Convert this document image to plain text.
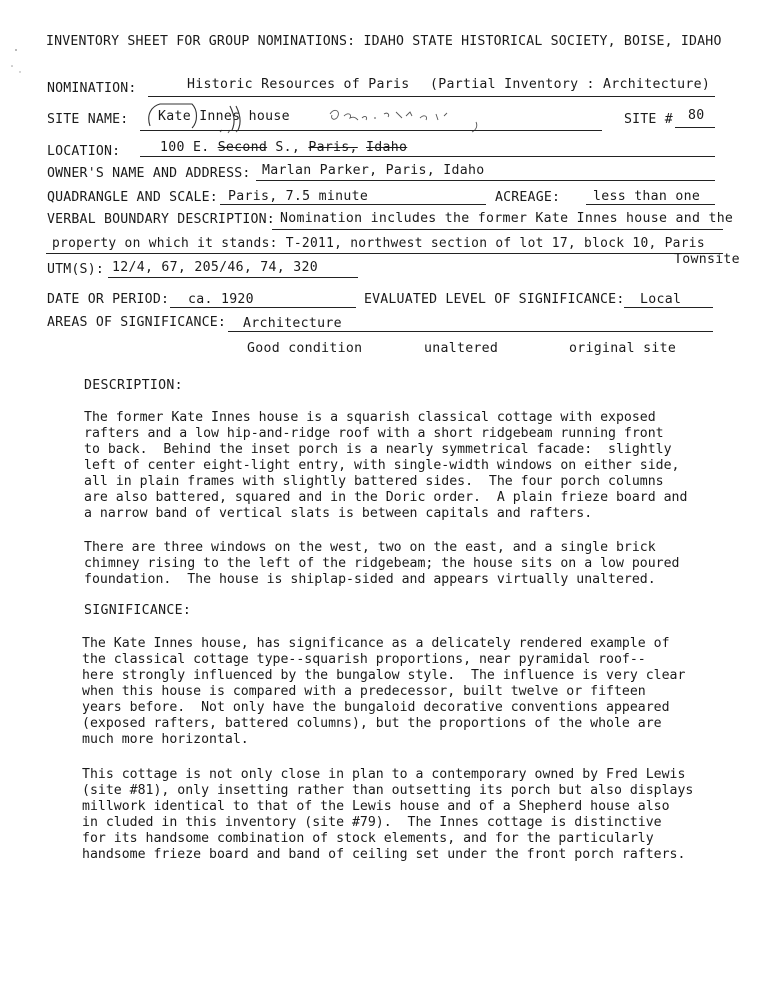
INVENTORY SHEET FOR GROUP NOMINATIONS: IDAHO STATE HISTORICAL SOCIETY, BOISE, IDAHO
NOMINATION:	Historic Resources of Paris (Partial Inventory : Architecture)
SITE NAME: Kate Innes house	SITE # 80
LOCATION:	100 E. Second S., Paris, Idaho
OWNER'S NAME AND ADDRESS: Marlan Parker, Paris, Idaho
QUADRANGLE AND SCALE: Paris, 7.5 minute	ACREAGE: less than one
VERBAL BOUNDARY DESCRIPTION: Nomination includes the former Kate Innes house and the
property on which it stands: T-2011, northwest section of lot 17, block 10, Paris
Townsite
UTM(S): 12/4, 67, 205/46, 74, 320
DATE OR PERIOD: ca. 1920	EVALUATED LEVEL OF SIGNIFICANCE: Local
AREAS OF SIGNIFICANCE: Architecture
Good condition	unaltered	original site
DESCRIPTION:
The former Kate Innes house is a squarish classical cottage with exposed
rafters and a low hip-and-ridge roof with a short ridgebeam running front
to back.  Behind the inset porch is a nearly symmetrical facade:  slightly
left of center eight-light entry, with single-width windows on either side,
all in plain frames with slightly battered sides.  The four porch columns
are also battered, squared and in the Doric order.  A plain frieze board and
a narrow band of vertical slats is between capitals and rafters.
There are three windows on the west, two on the east, and a single brick
chimney rising to the left of the ridgebeam; the house sits on a low poured
foundation.  The house is shiplap-sided and appears virtually unaltered.
SIGNIFICANCE:
The Kate Innes house, has significance as a delicately rendered example of
the classical cottage type--squarish proportions, near pyramidal roof--
here strongly influenced by the bungalow style.  The influence is very clear
when this house is compared with a predecessor, built twelve or fifteen
years before.  Not only have the bungaloid decorative conventions appeared
(exposed rafters, battered columns), but the proportions of the whole are
much more horizontal.
This cottage is not only close in plan to a contemporary owned by Fred Lewis
(site #81), only insetting rather than outsetting its porch but also displays
millwork identical to that of the Lewis house and of a Shepherd house also
in cluded in this inventory (site #79).  The Innes cottage is distinctive
for its handsome combination of stock elements, and for the particularly
handsome frieze board and band of ceiling set under the front porch rafters.
